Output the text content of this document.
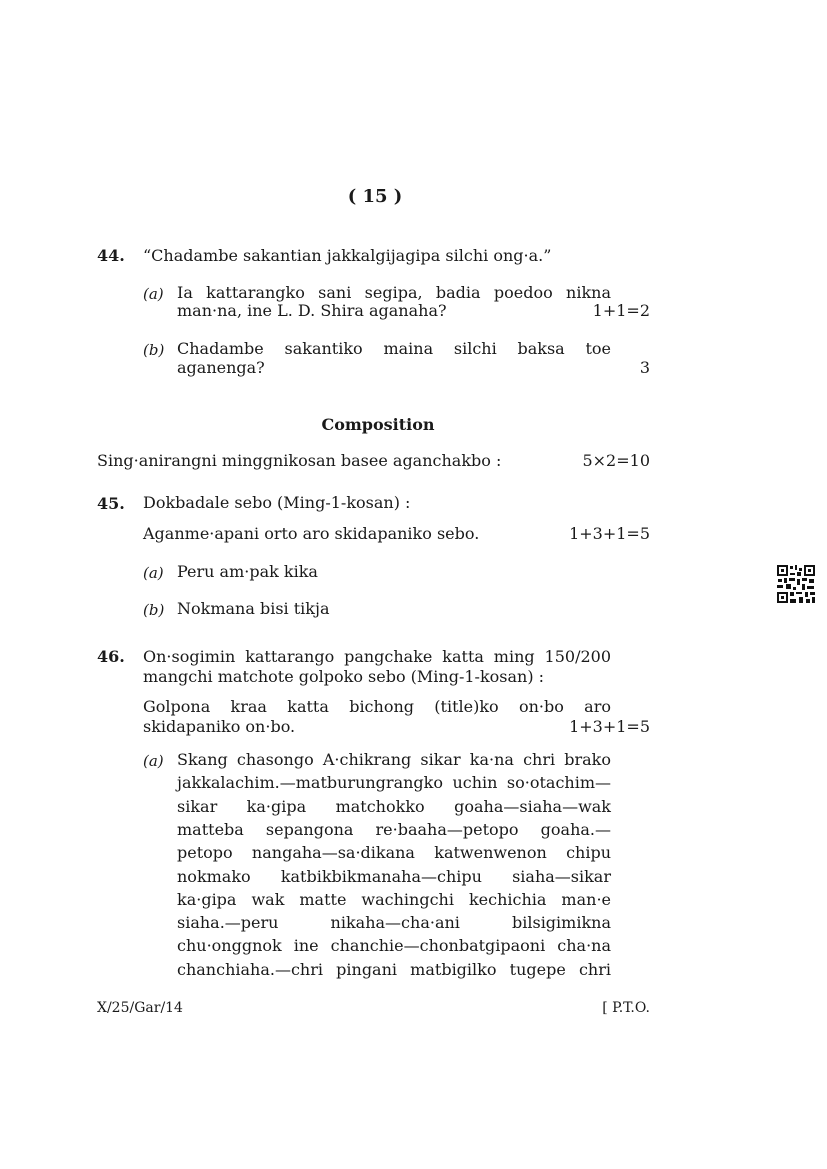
( 15 )
44. “Chadambe sakantian jakkalgijagipa silchi ong·a.”
(a) Ia kattarangko sani segipa, badia poedoo nikna
man·na, ine L. D. Shira aganaha?	1+1=2
(b) Chadambe sakantiko maina silchi baksa toe
aganenga?	3
Composition
Sing·anirangni minggnikosan basee aganchakbo :	5×2=10
45. Dokbadale sebo (Ming-1-kosan) :
Aganme·apani orto aro skidapaniko sebo.	1+3+1=5
(a) Peru am·pak kika
(b) Nokmana bisi tikja
46. On·sogimin kattarango pangchake katta ming 150/200
mangchi matchote golpoko sebo (Ming-1-kosan) :
Golpona kraa katta bichong (title)ko on·bo aro
skidapaniko on·bo.	1+3+1=5
(a) Skang chasongo A·chikrang sikar ka·na chri brako
jakkalachim.—matburungrangko uchin so·otachim—
sikar ka·gipa matchokko goaha—siaha—wak
matteba sepangona re·baaha—petopo goaha.—
petopo nangaha—sa·dikana katwenwenon chipu
nokmako katbikbikmanaha—chipu siaha—sikar
ka·gipa wak matte wachingchi kechichia man·e
siaha.—peru nikaha—cha·ani bilsigimikna
chu·onggnok ine chanchie—chonbatgipaoni cha·na
chanchiaha.—chri pingani matbigilko tugepe chri
X/25/Gar/14	[ P.T.O.
